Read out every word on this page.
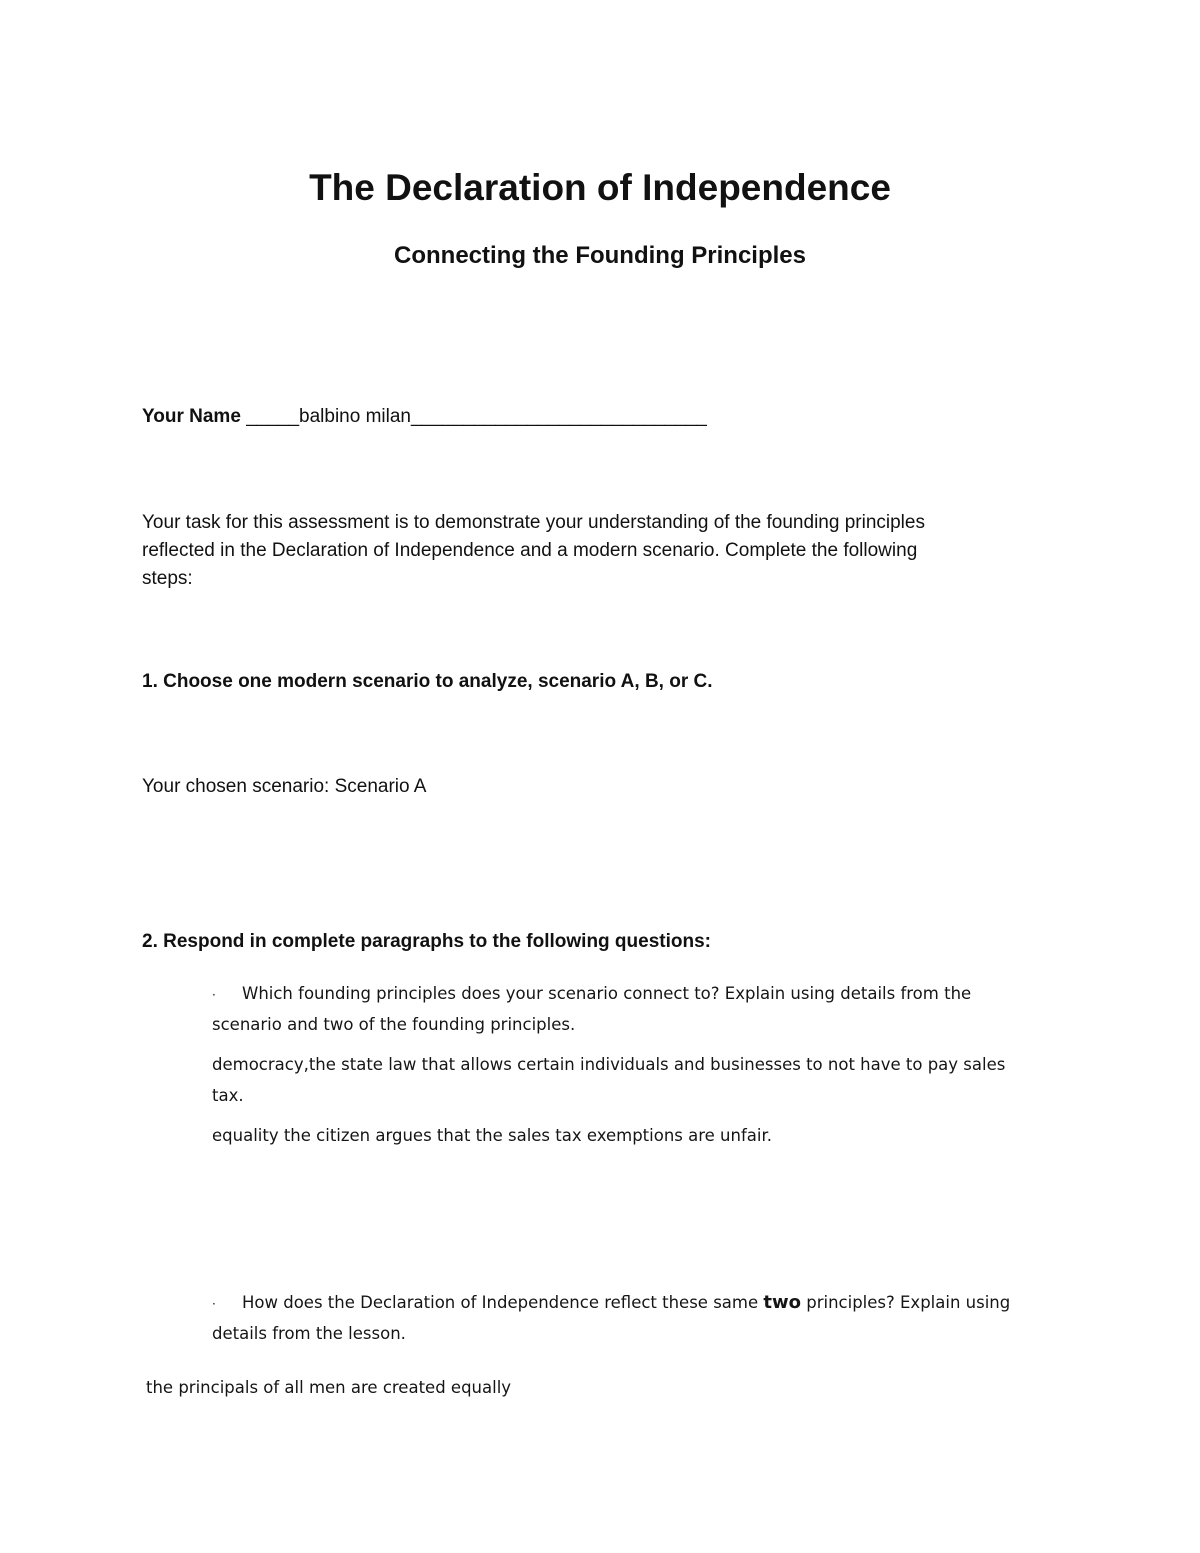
The Declaration of Independence
Connecting the Founding Principles
Your Name _____balbino milan____________________________
Your task for this assessment is to demonstrate your understanding of the founding principles
reflected in the Declaration of Independence and a modern scenario. Complete the following
steps:
1. Choose one modern scenario to analyze, scenario A, B, or C.
Your chosen scenario: Scenario A
2. Respond in complete paragraphs to the following questions:
· Which founding principles does your scenario connect to? Explain using details from the
scenario and two of the founding principles.
democracy,the state law that allows certain individuals and businesses to not have to pay sales
tax.
equality the citizen argues that the sales tax exemptions are unfair.
· How does the Declaration of Independence reflect these same two principles? Explain using
details from the lesson.
the principals of all men are created equally
